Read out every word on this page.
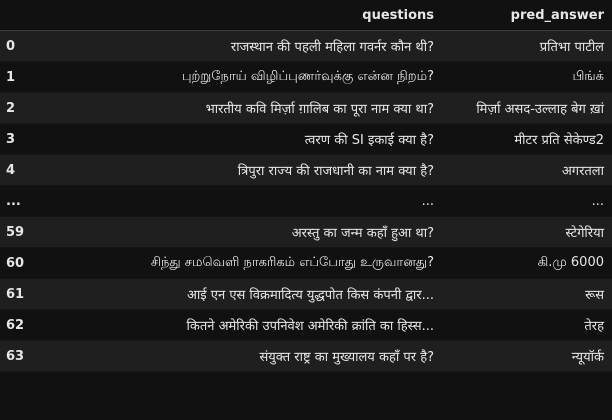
	questions	pred_answer
0	राजस्थान की पहली महिला गवर्नर कौन थी?	प्रतिभा पाटील
1	புற்றுநோய் விழிப்புணர்வுக்கு என்ன நிறம்?	பிங்க்
2	भारतीय कवि मिर्ज़ा ग़ालिब का पूरा नाम क्या था?	मिर्ज़ा असद-उल्लाह बेग ख़ां
3	त्वरण की SI इकाई क्या है?	मीटर प्रति सेकेण्ड2
4	त्रिपुरा राज्य की राजधानी का नाम क्या है?	अगरतला
...	...	...
59	अरस्तु का जन्म कहाँ हुआ था?	स्टेगेरिया
60	சிந்து சமவெளி நாகரிகம் எப்போது உருவானது?	கி.மு 6000
61	आई एन एस विक्रमादित्य युद्धपोत किस कंपनी द्वार...	रूस
62	कितने अमेरिकी उपनिवेश अमेरिकी क्रांति का हिस्स...	तेरह
63	संयुक्त राष्ट्र का मुख्यालय कहाँ पर है?	न्यूयॉर्क
